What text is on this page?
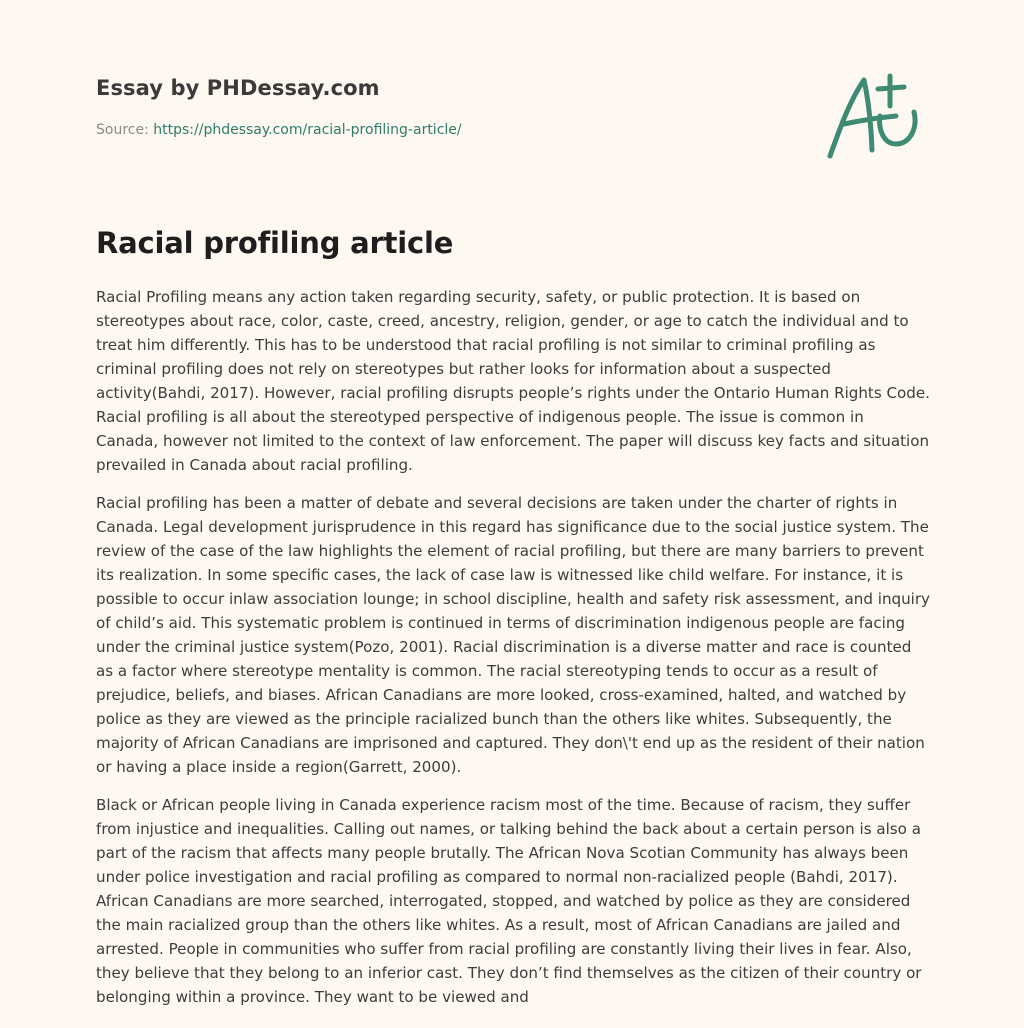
Essay by PHDessay.com
Source: https://phdessay.com/racial-profiling-article/
Racial profiling article

Racial Profiling means any action taken regarding security, safety, or public protection. It is based on stereotypes about race, color, caste, creed, ancestry, religion, gender, or age to catch the individual and to treat him differently. This has to be understood that racial profiling is not similar to criminal profiling as criminal profiling does not rely on stereotypes but rather looks for information about a suspected activity(Bahdi, 2017). However, racial profiling disrupts people’s rights under the Ontario Human Rights Code. Racial profiling is all about the stereotyped perspective of indigenous people. The issue is common in Canada, however not limited to the context of law enforcement. The paper will discuss key facts and situation prevailed in Canada about racial profiling.

Racial profiling has been a matter of debate and several decisions are taken under the charter of rights in Canada. Legal development jurisprudence in this regard has significance due to the social justice system. The review of the case of the law highlights the element of racial profiling, but there are many barriers to prevent its realization. In some specific cases, the lack of case law is witnessed like child welfare. For instance, it is possible to occur inlaw association lounge; in school discipline, health and safety risk assessment, and inquiry of child’s aid. This systematic problem is continued in terms of discrimination indigenous people are facing under the criminal justice system(Pozo, 2001). Racial discrimination is a diverse matter and race is counted as a factor where stereotype mentality is common. The racial stereotyping tends to occur as a result of prejudice, beliefs, and biases. African Canadians are more looked, cross-examined, halted, and watched by police as they are viewed as the principle racialized bunch than the others like whites. Subsequently, the majority of African Canadians are imprisoned and captured. They don\'t end up as the resident of their nation or having a place inside a region(Garrett, 2000).

Black or African people living in Canada experience racism most of the time. Because of racism, they suffer from injustice and inequalities. Calling out names, or talking behind the back about a certain person is also a part of the racism that affects many people brutally. The African Nova Scotian Community has always been under police investigation and racial profiling as compared to normal non-racialized people (Bahdi, 2017). African Canadians are more searched, interrogated, stopped, and watched by police as they are considered the main racialized group than the others like whites. As a result, most of African Canadians are jailed and arrested. People in communities who suffer from racial profiling are constantly living their lives in fear. Also, they believe that they belong to an inferior cast. They don’t find themselves as the citizen of their country or belonging within a province. They want to be viewed and
